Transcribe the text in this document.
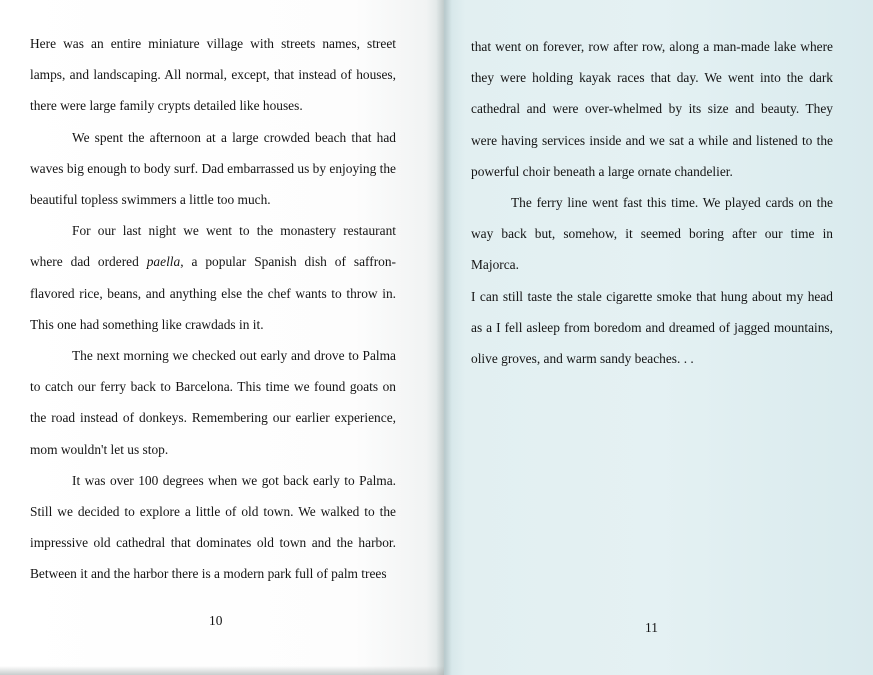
Here was an entire miniature village with streets names, street lamps, and landscaping. All normal, except, that instead of houses, there were large family crypts detailed like houses.

We spent the afternoon at a large crowded beach that had waves big enough to body surf. Dad embarrassed us by enjoying the beautiful topless swimmers a little too much.

For our last night we went to the monastery restaurant where dad ordered paella, a popular Spanish dish of saffron-flavored rice, beans, and anything else the chef wants to throw in. This one had something like crawdads in it.

The next morning we checked out early and drove to Palma to catch our ferry back to Barcelona. This time we found goats on the road instead of donkeys. Remembering our earlier experience, mom wouldn't let us stop.

It was over 100 degrees when we got back early to Palma. Still we decided to explore a little of old town. We walked to the impressive old cathedral that dominates old town and the harbor. Between it and the harbor there is a modern park full of palm trees

10

that went on forever, row after row, along a man-made lake where they were holding kayak races that day. We went into the dark cathedral and were over-whelmed by its size and beauty. They were having services inside and we sat a while and listened to the powerful choir beneath a large ornate chandelier.

The ferry line went fast this time. We played cards on the way back but, somehow, it seemed boring after our time in Majorca.

I can still taste the stale cigarette smoke that hung about my head as a I fell asleep from boredom and dreamed of jagged mountains, olive groves, and warm sandy beaches. . .

11
